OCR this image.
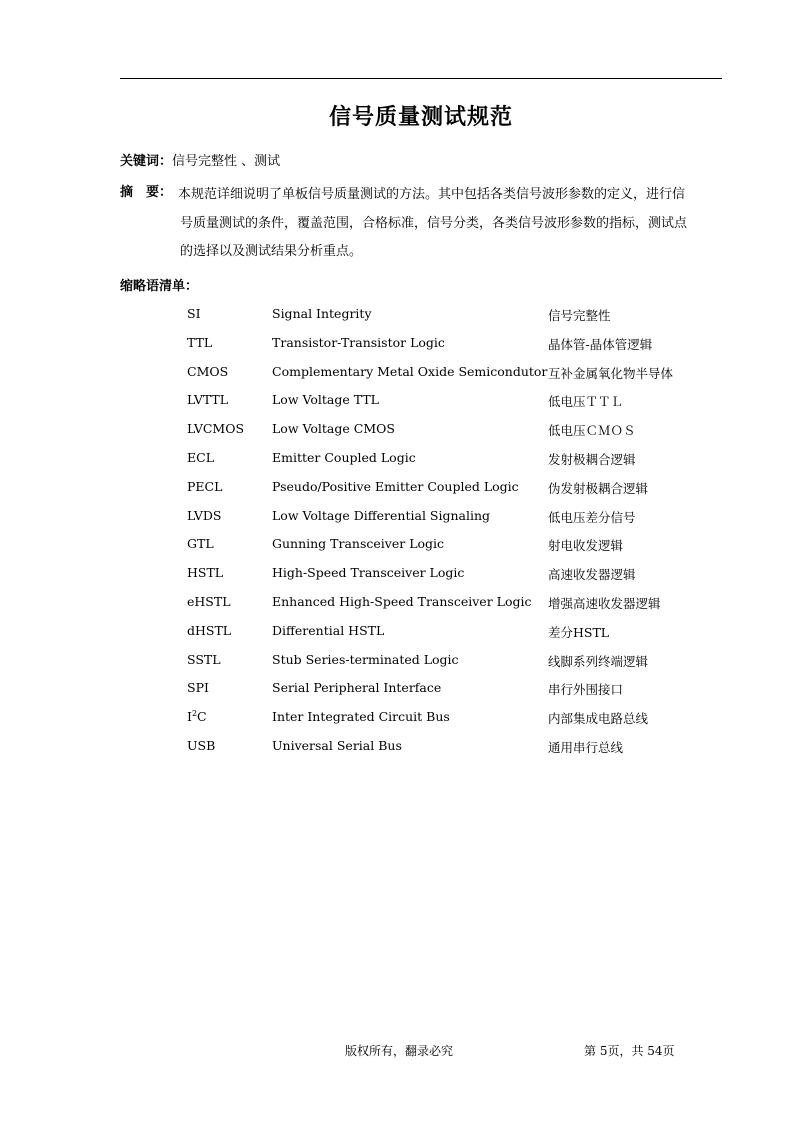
信号质量测试规范
关键词：信号完整性 、测试
摘　要： 本规范详细说明了单板信号质量测试的方法。其中包括各类信号波形参数的定义，进行信
号质量测试的条件，覆盖范围，合格标准，信号分类，各类信号波形参数的指标，测试点
的选择以及测试结果分析重点。
缩略语清单：
SI	Signal Integrity	信号完整性
TTL	Transistor-Transistor Logic	晶体管-晶体管逻辑
CMOS	Complementary Metal Oxide Semicondutor 互补金属氧化物半导体
LVTTL	Low Voltage TTL	低电压ＴＴＬ
LVCMOS Low Voltage CMOS	低电压ＣＭＯＳ
ECL	Emitter Coupled Logic	发射极耦合逻辑
PECL	Pseudo/Positive Emitter Coupled Logic 伪发射极耦合逻辑
LVDS	Low Voltage Differential Signaling	低电压差分信号
GTL	Gunning Transceiver Logic	射电收发逻辑
HSTL	High-Speed Transceiver Logic	高速收发器逻辑
eHSTL	Enhanced High-Speed Transceiver Logic 增强高速收发器逻辑
dHSTL	Differential HSTL	差分HSTL
SSTL	Stub Series-terminated Logic	线脚系列终端逻辑
SPI	Serial Peripheral Interface	串行外围接口
$I^2C$	Inter Integrated Circuit Bus	内部集成电路总线
USB	Universal Serial Bus	通用串行总线
版权所有，翻录必究	第 5页，共 54页
